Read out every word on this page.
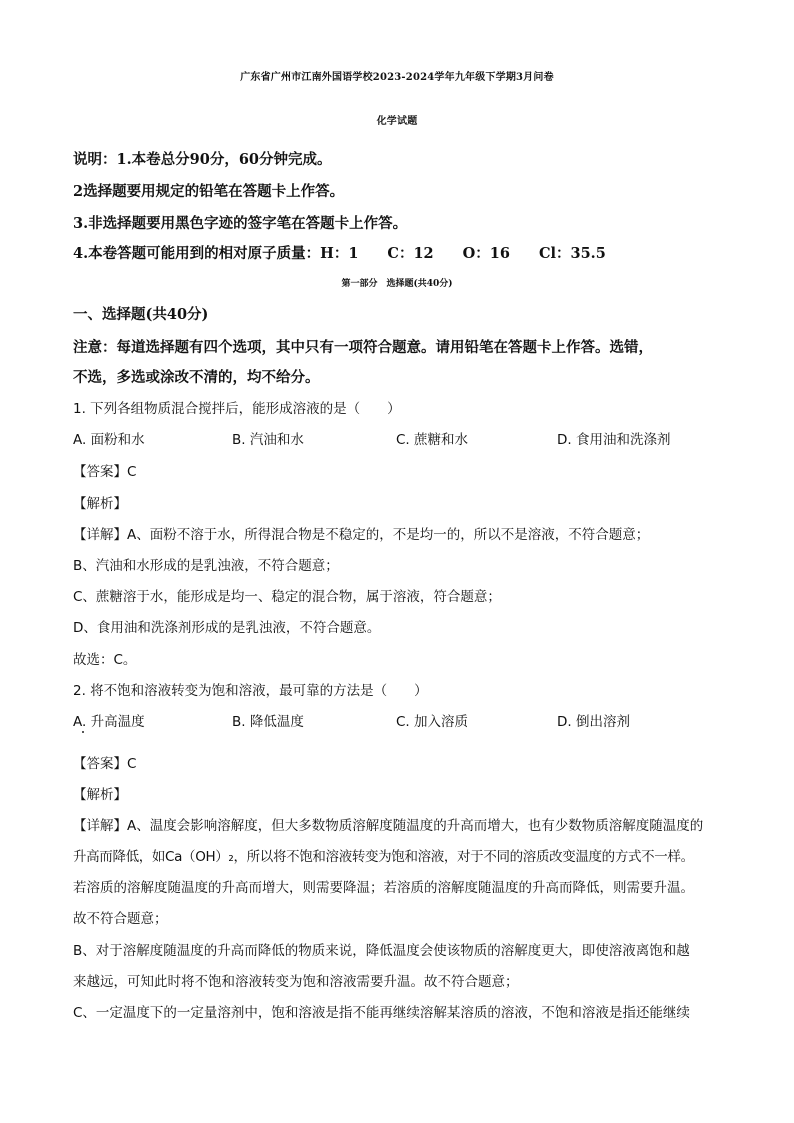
广东省广州市江南外国语学校2023-2024学年九年级下学期3月问卷
化学试题
说明：1.本卷总分90分，60分钟完成。
2选择题要用规定的铅笔在答题卡上作答。
3.非选择题要用黑色字迹的签字笔在答题卡上作答。
4.本卷答题可能用到的相对原子质量：H：1　　C：12　　O：16　　Cl：35.5
第一部分　选择题(共40分)
一、选择题(共40分)
注意：每道选择题有四个选项，其中只有一项符合题意。请用铅笔在答题卡上作答。选错，
不选，多选或涂改不清的，均不给分。
1. 下列各组物质混合搅拌后，能形成溶液的是（　　）
A. 面粉和水	B. 汽油和水	C. 蔗糖和水	D. 食用油和洗涤剂
【答案】C
【解析】
【详解】A、面粉不溶于水，所得混合物是不稳定的，不是均一的，所以不是溶液，不符合题意；
B、汽油和水形成的是乳浊液，不符合题意；
C、蔗糖溶于水，能形成是均一、稳定的混合物，属于溶液，符合题意；
D、食用油和洗涤剂形成的是乳浊液，不符合题意。
故选：C。
2. 将不饱和溶液转变为饱和溶液，最可靠的方法是（　　）
A. 升高温度	B. 降低温度	C. 加入溶质	D. 倒出溶剂
【答案】C
【解析】
【详解】A、温度会影响溶解度，但大多数物质溶解度随温度的升高而增大，也有少数物质溶解度随温度的
升高而降低，如Ca（OH）₂，所以将不饱和溶液转变为饱和溶液，对于不同的溶质改变温度的方式不一样。
若溶质的溶解度随温度的升高而增大，则需要降温；若溶质的溶解度随温度的升高而降低，则需要升温。
故不符合题意；
B、对于溶解度随温度的升高而降低的物质来说，降低温度会使该物质的溶解度更大，即使溶液离饱和越
来越远，可知此时将不饱和溶液转变为饱和溶液需要升温。故不符合题意；
C、一定温度下的一定量溶剂中，饱和溶液是指不能再继续溶解某溶质的溶液，不饱和溶液是指还能继续
